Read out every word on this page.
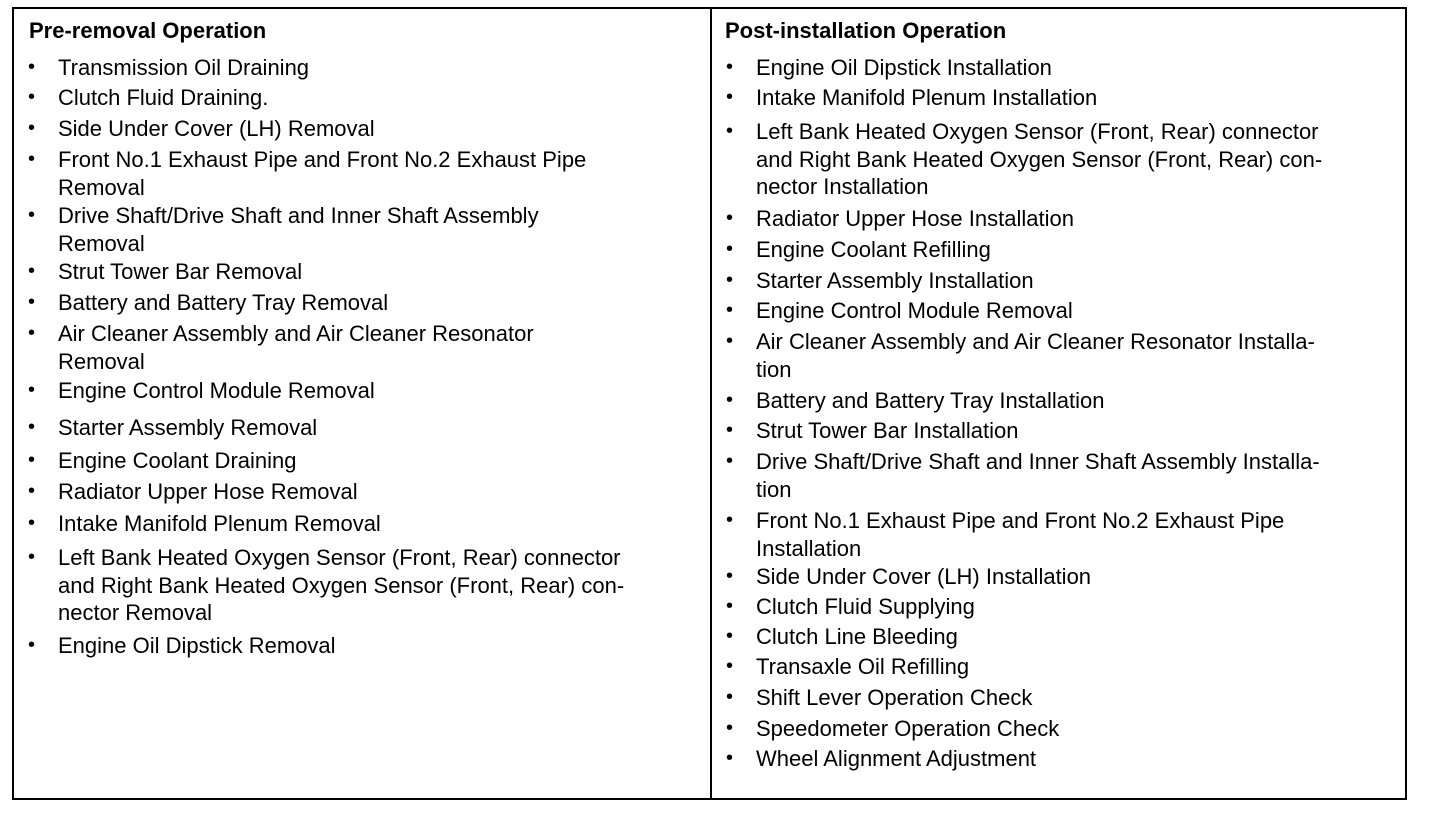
Pre-removal Operation
• Transmission Oil Draining
• Clutch Fluid Draining.
• Side Under Cover (LH) Removal
• Front No.1 Exhaust Pipe and Front No.2 Exhaust Pipe
Removal
• Drive Shaft/Drive Shaft and Inner Shaft Assembly
Removal
• Strut Tower Bar Removal
• Battery and Battery Tray Removal
• Air Cleaner Assembly and Air Cleaner Resonator
Removal
• Engine Control Module Removal
• Starter Assembly Removal
• Engine Coolant Draining
• Radiator Upper Hose Removal
• Intake Manifold Plenum Removal
• Left Bank Heated Oxygen Sensor (Front, Rear) connector
and Right Bank Heated Oxygen Sensor (Front, Rear) con-
nector Removal
• Engine Oil Dipstick Removal
Post-installation Operation
• Engine Oil Dipstick Installation
• Intake Manifold Plenum Installation
• Left Bank Heated Oxygen Sensor (Front, Rear) connector
and Right Bank Heated Oxygen Sensor (Front, Rear) con-
nector Installation
• Radiator Upper Hose Installation
• Engine Coolant Refilling
• Starter Assembly Installation
• Engine Control Module Removal
• Air Cleaner Assembly and Air Cleaner Resonator Installa-
tion
• Battery and Battery Tray Installation
• Strut Tower Bar Installation
• Drive Shaft/Drive Shaft and Inner Shaft Assembly Installa-
tion
• Front No.1 Exhaust Pipe and Front No.2 Exhaust Pipe
Installation
• Side Under Cover (LH) Installation
• Clutch Fluid Supplying
• Clutch Line Bleeding
• Transaxle Oil Refilling
• Shift Lever Operation Check
• Speedometer Operation Check
• Wheel Alignment Adjustment
